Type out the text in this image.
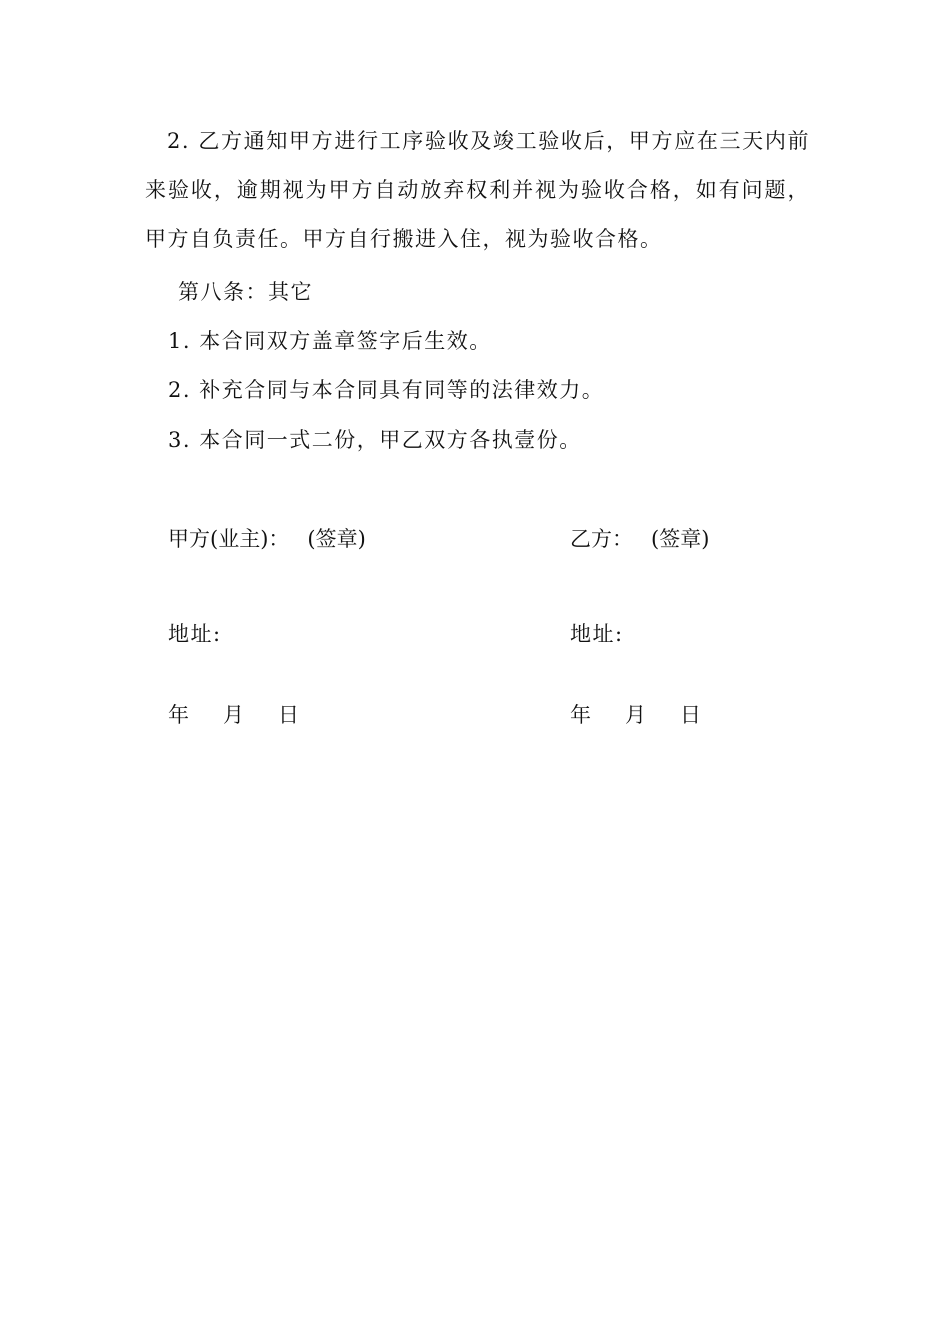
2. 乙方通知甲方进行工序验收及竣工验收后，甲方应在三天内前来验收，逾期视为甲方自动放弃权利并视为验收合格，如有问题，甲方自负责任。甲方自行搬进入住，视为验收合格。

第八条：其它

1. 本合同双方盖章签字后生效。

2. 补充合同与本合同具有同等的法律效力。

3. 本合同一式二份，甲乙双方各执壹份。

甲方(业主)： (签章)
地址:
年 月 日
乙方： (签章)
地址:
年 月 日
